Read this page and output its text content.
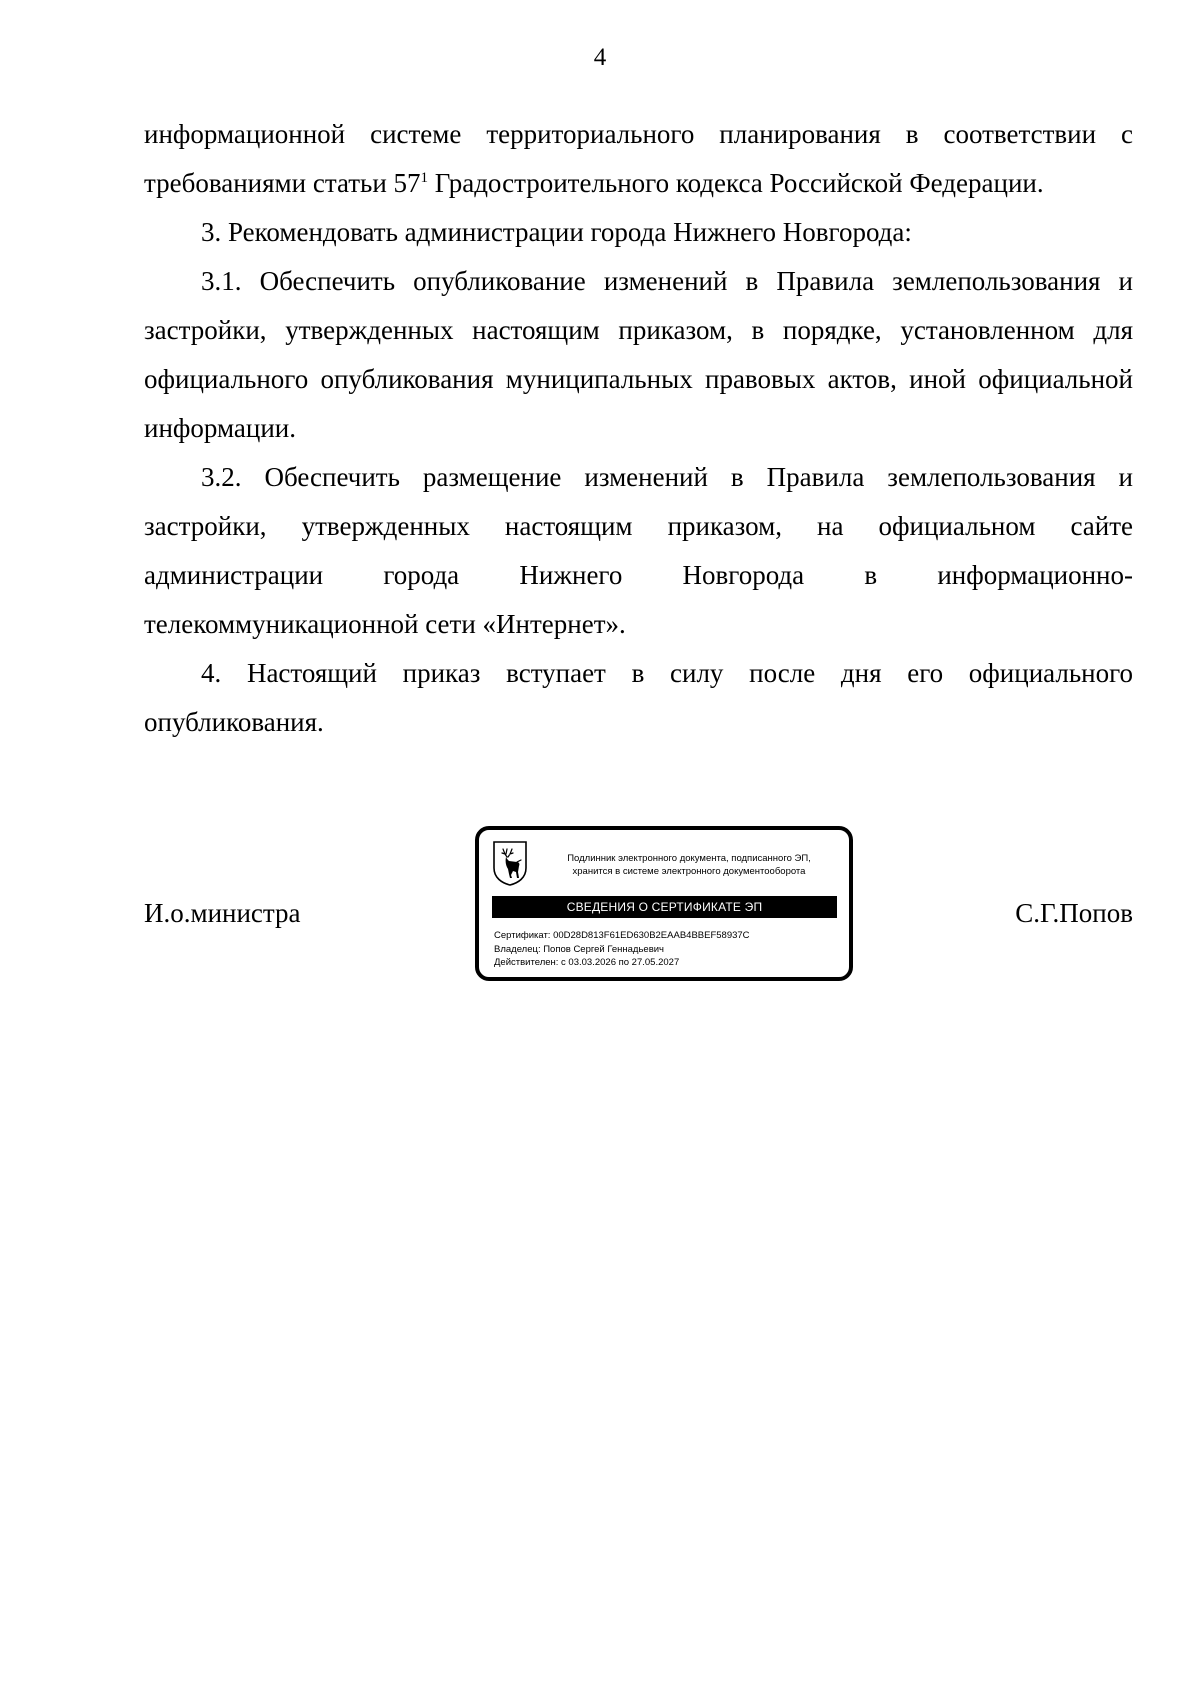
4

информационной системе территориального планирования в соответствии с требованиями статьи $57^1$ Градостроительного кодекса Российской Федерации.

3. Рекомендовать администрации города Нижнего Новгорода:

3.1. Обеспечить опубликование изменений в Правила землепользования и застройки, утвержденных настоящим приказом, в порядке, установленном для официального опубликования муниципальных правовых актов, иной официальной информации.

3.2. Обеспечить размещение изменений в Правила землепользования и застройки, утвержденных настоящим приказом, на официальном сайте администрации города Нижнего Новгорода в информационно-телекоммуникационной сети «Интернет».

4. Настоящий приказ вступает в силу после дня его официального опубликования.

И.о.министра
Подлинник электронного документа, подписанного ЭП,
хранится в системе электронного документооборота
СВЕДЕНИЯ О СЕРТИФИКАТЕ ЭП
Сертификат: 00D28D813F61ED630B2EAAB4BBEF58937C
Владелец: Попов Сергей Геннадьевич
Действителен: с 03.03.2026 по 27.05.2027
С.Г.Попов
